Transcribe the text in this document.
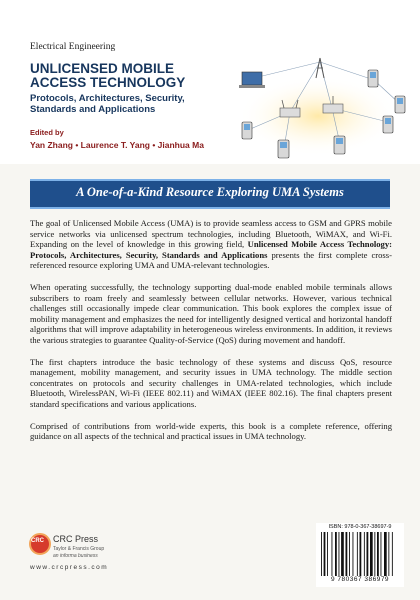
Electrical Engineering
UNLICENSED MOBILE
ACCESS TECHNOLOGY
Protocols, Architectures, Security,
Standards and Applications
Edited by
Yan Zhang • Laurence T. Yang • Jianhua Ma
A One-of-a-Kind Resource Exploring UMA Systems

The goal of Unlicensed Mobile Access (UMA) is to provide seamless access to GSM and GPRS mobile service networks via unlicensed spectrum technologies, including Bluetooth, WiMAX, and Wi-Fi. Expanding on the level of knowledge in this growing field, Unlicensed Mobile Access Technology: Protocols, Architectures, Security, Standards and Applications presents the first complete cross-referenced resource exploring UMA and UMA-relevant technologies.

When operating successfully, the technology supporting dual-mode enabled mobile terminals allows subscribers to roam freely and seamlessly between cellular networks. However, various technical challenges still occasionally impede clear communication. This book explores the complex issue of mobility management and emphasizes the need for intelligently designed vertical and horizontal handoff algorithms that will improve adaptability in heterogeneous wireless environments. In addition, it reviews the various strategies to guarantee Quality-of-Service (QoS) during movement and handoff.

The first chapters introduce the basic technology of these systems and discuss QoS, resource management, mobility management, and security issues in UMA technology. The middle section concentrates on protocols and security challenges in UMA-related technologies, which include Bluetooth, WirelessPAN, Wi-Fi (IEEE 802.11) and WiMAX (IEEE 802.16). The final chapters present standard specifications and various applications.

Comprised of contributions from world-wide experts, this book is a complete reference, offering guidance on all aspects of the technical and practical issues in UMA technology.

CRC CRC Press
Taylor & Francis Group
an informa business
www.crcpress.com
ISBN: 978-0-367-38697-9
9 780367 386979
